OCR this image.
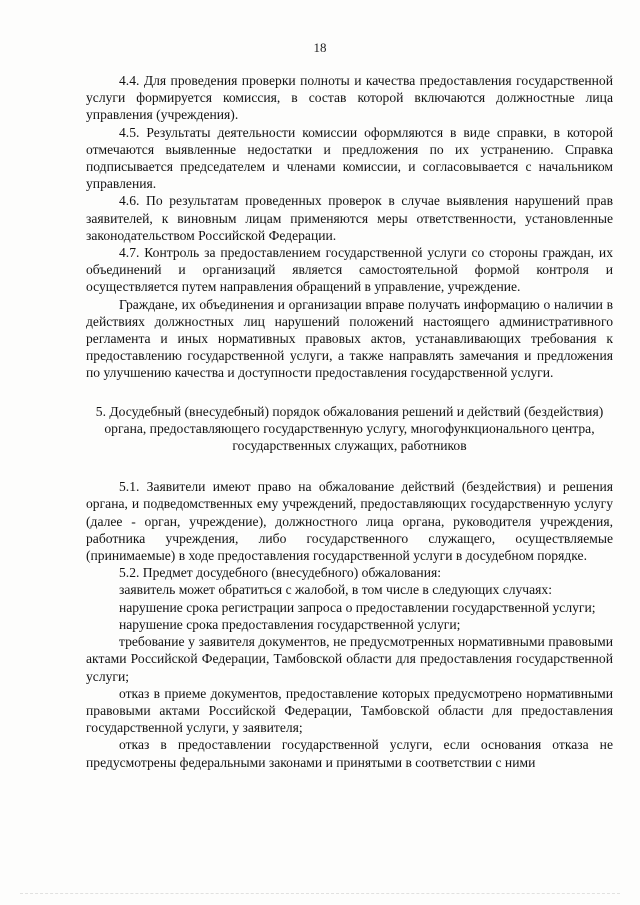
18

4.4. Для проведения проверки полноты и качества предоставления государственной услуги формируется комиссия, в состав которой включаются должностные лица управления (учреждения).

4.5. Результаты деятельности комиссии оформляются в виде справки, в которой отмечаются выявленные недостатки и предложения по их устранению. Справка подписывается председателем и членами комиссии, и согласовывается с начальником управления.

4.6. По результатам проведенных проверок в случае выявления нарушений прав заявителей, к виновным лицам применяются меры ответственности, установленные законодательством Российской Федерации.

4.7. Контроль за предоставлением государственной услуги со стороны граждан, их объединений и организаций является самостоятельной формой контроля и осуществляется путем направления обращений в управление, учреждение.

Граждане, их объединения и организации вправе получать информацию о наличии в действиях должностных лиц нарушений положений настоящего административного регламента и иных нормативных правовых актов, устанавливающих требования к предоставлению государственной услуги, а также направлять замечания и предложения по улучшению качества и доступности предоставления государственной услуги.

5. Досудебный (внесудебный) порядок обжалования решений и действий (бездействия) органа, предоставляющего государственную услугу, многофункционального центра, государственных служащих, работников

5.1. Заявители имеют право на обжалование действий (бездействия) и решения органа, и подведомственных ему учреждений, предоставляющих государственную услугу (далее - орган, учреждение), должностного лица органа, руководителя учреждения, работника учреждения, либо государственного служащего, осуществляемые (принимаемые) в ходе предоставления государственной услуги в досудебном порядке.

5.2. Предмет досудебного (внесудебного) обжалования:

заявитель может обратиться с жалобой, в том числе в следующих случаях:

нарушение срока регистрации запроса о предоставлении государственной услуги;

нарушение срока предоставления государственной услуги;

требование у заявителя документов, не предусмотренных нормативными правовыми актами Российской Федерации, Тамбовской области для предоставления государственной услуги;

отказ в приеме документов, предоставление которых предусмотрено нормативными правовыми актами Российской Федерации, Тамбовской области для предоставления государственной услуги, у заявителя;

отказ в предоставлении государственной услуги, если основания отказа не предусмотрены федеральными законами и принятыми в соответствии с ними
